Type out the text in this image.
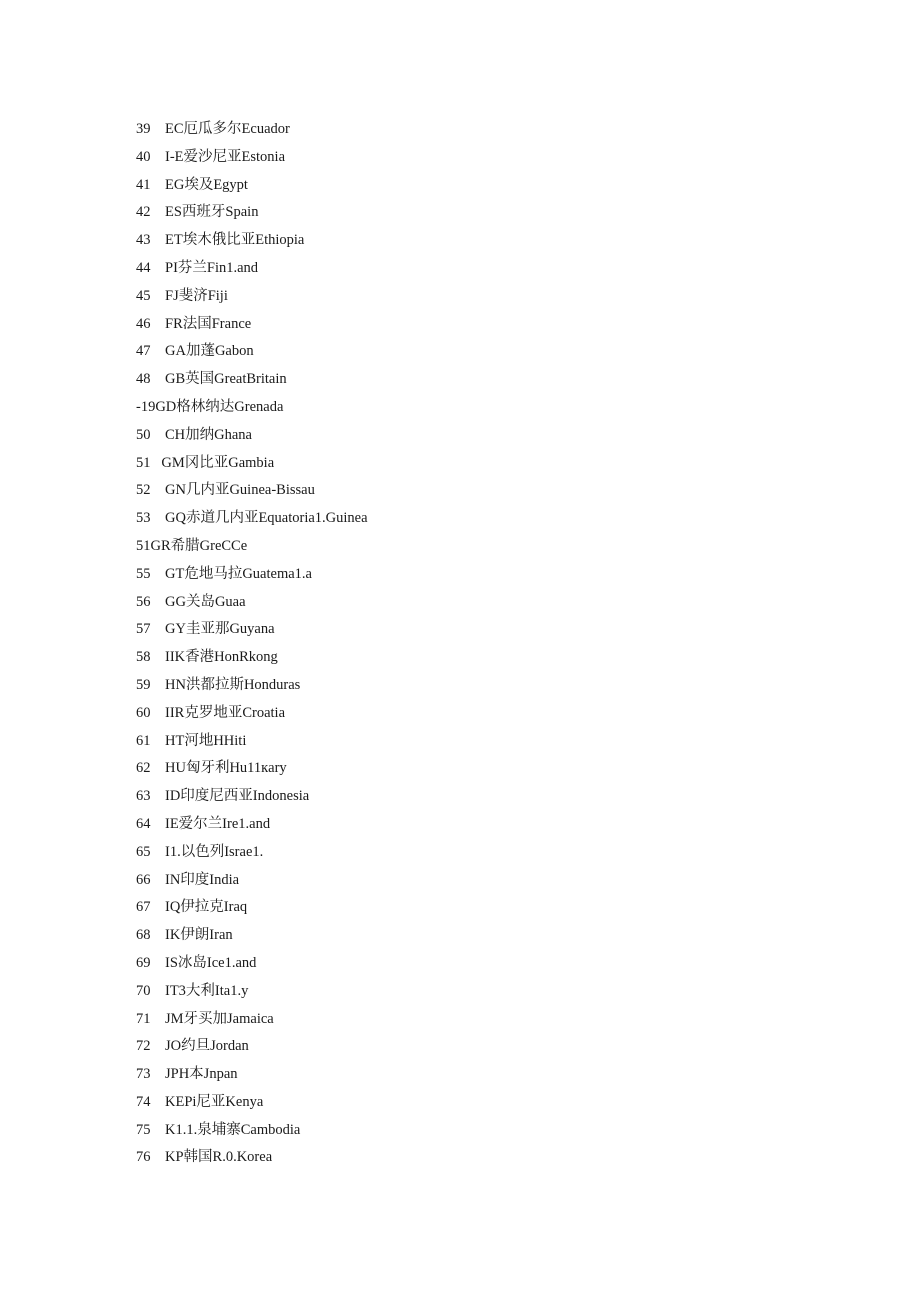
39    EC厄瓜多尔Ecuador
40    I-E爱沙尼亚Estonia
41    EG埃及Egypt
42    ES西班牙Spain
43    ET埃木俄比亚Ethiopia
44    PI芬兰Fin1.and
45    FJ斐济Fiji
46    FR法国France
47    GA加蓬Gabon
48    GB英国GreatBritain
-19GD格林纳达Grenada
50    CH加纳Ghana
51   GM冈比亚Gambia
52    GN几内亚Guinea-Bissau
53    GQ赤道几内亚Equatoria1.Guinea
51GR希腊GreCCe
55    GT危地马拉Guatema1.a
56    GG关岛Guaa
57    GY圭亚那Guyana
58    IIK香港HonRkong
59    HN洪都拉斯Honduras
60    IIR克罗地亚Croatia
61    HT河地HHiti
62    HU匈牙利Hu11кary
63    ID印度尼西亚Indonesia
64    IE爱尔兰Ire1.and
65    I1.以色列Israe1.
66    IN印度India
67    IQ伊拉克Iraq
68    IK伊朗Iran
69    IS冰岛Ice1.and
70    IT3大利Ita1.y
71    JM牙买加Jamaica
72    JO约旦Jordan
73    JPH本Jnpan
74    KEPi尼亚Kenya
75    K1.1.泉埔寨Cambodia
76    KP韩国R.0.Korea
